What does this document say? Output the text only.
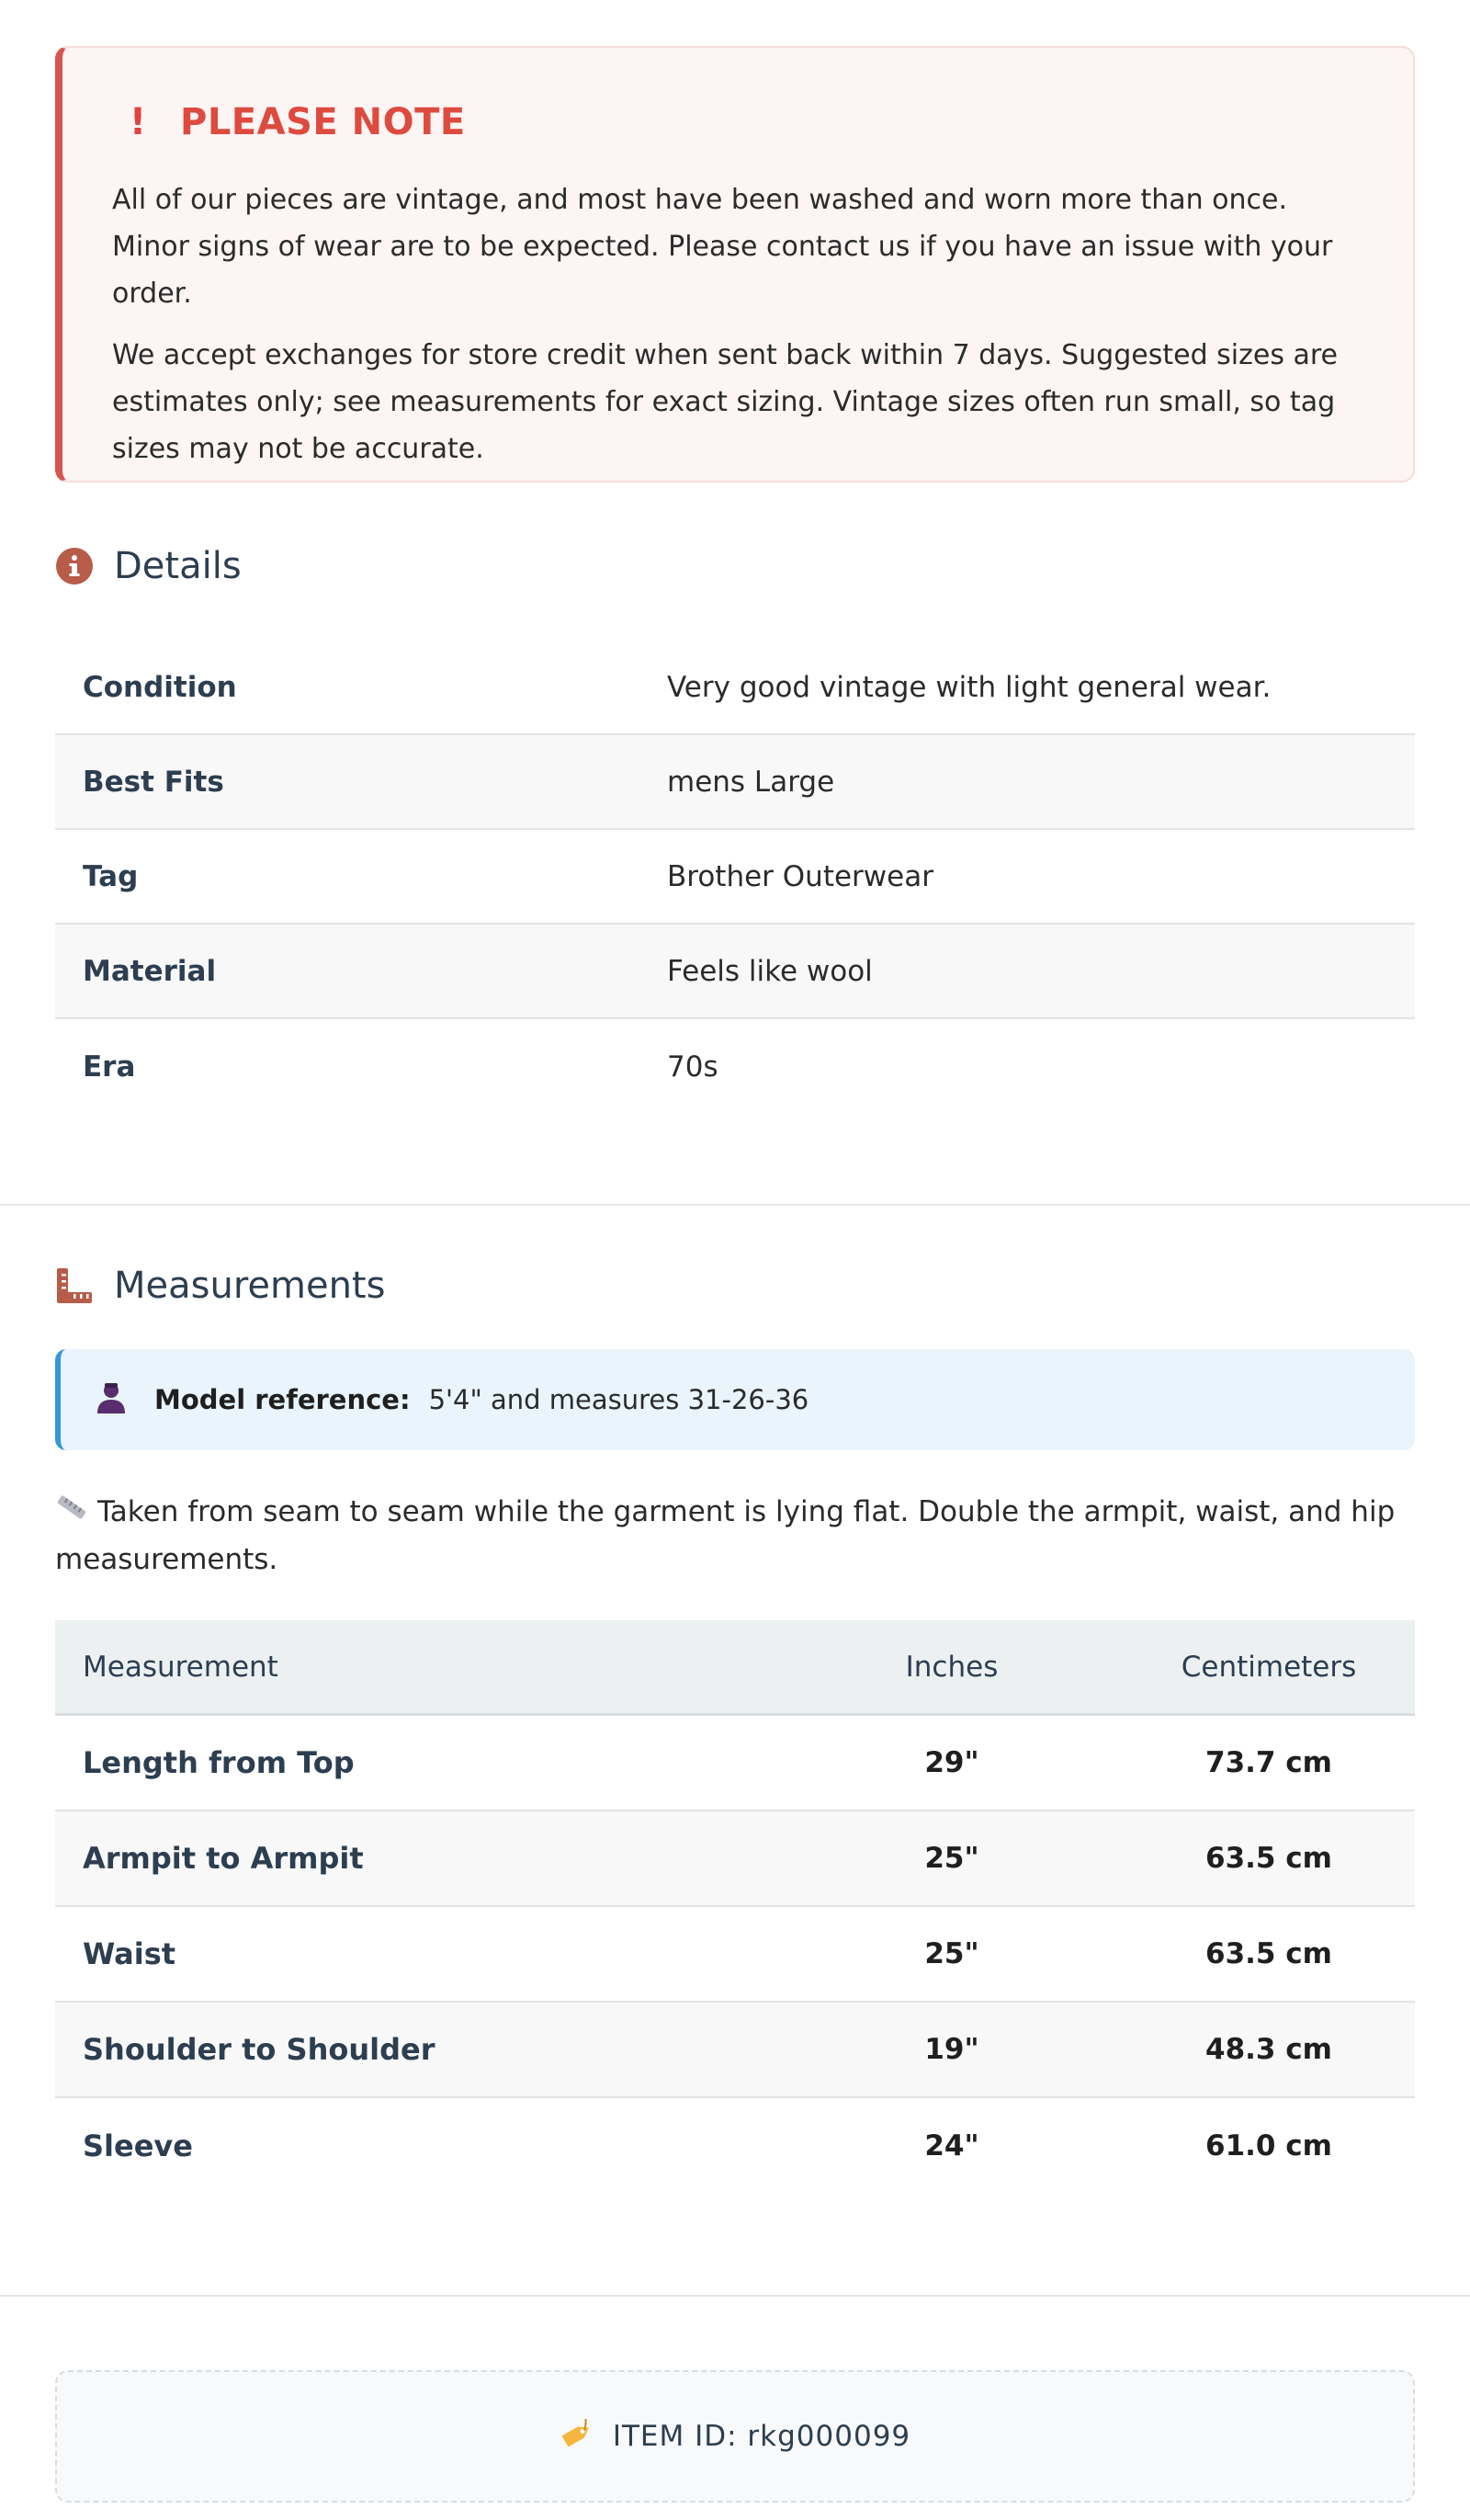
! PLEASE NOTE

All of our pieces are vintage, and most have been washed and worn more than once. Minor signs of wear are to be expected. Please contact us if you have an issue with your order.

We accept exchanges for store credit when sent back within 7 days. Suggested sizes are estimates only; see measurements for exact sizing. Vintage sizes often run small, so tag sizes may not be accurate.

Details
Condition	Very good vintage with light general wear.
Best Fits	mens Large
Tag	Brother Outerwear
Material	Feels like wool
Era	70s
Measurements
Model reference: 5'4" and measures 31-26-36
Taken from seam to seam while the garment is lying flat. Double the armpit, waist, and hip measurements.
Measurement	Inches	Centimeters
Length from Top	29"	73.7 cm
Armpit to Armpit	25"	63.5 cm
Waist	25"	63.5 cm
Shoulder to Shoulder	19"	48.3 cm
Sleeve	24"	61.0 cm
ITEM ID: rkg000099
